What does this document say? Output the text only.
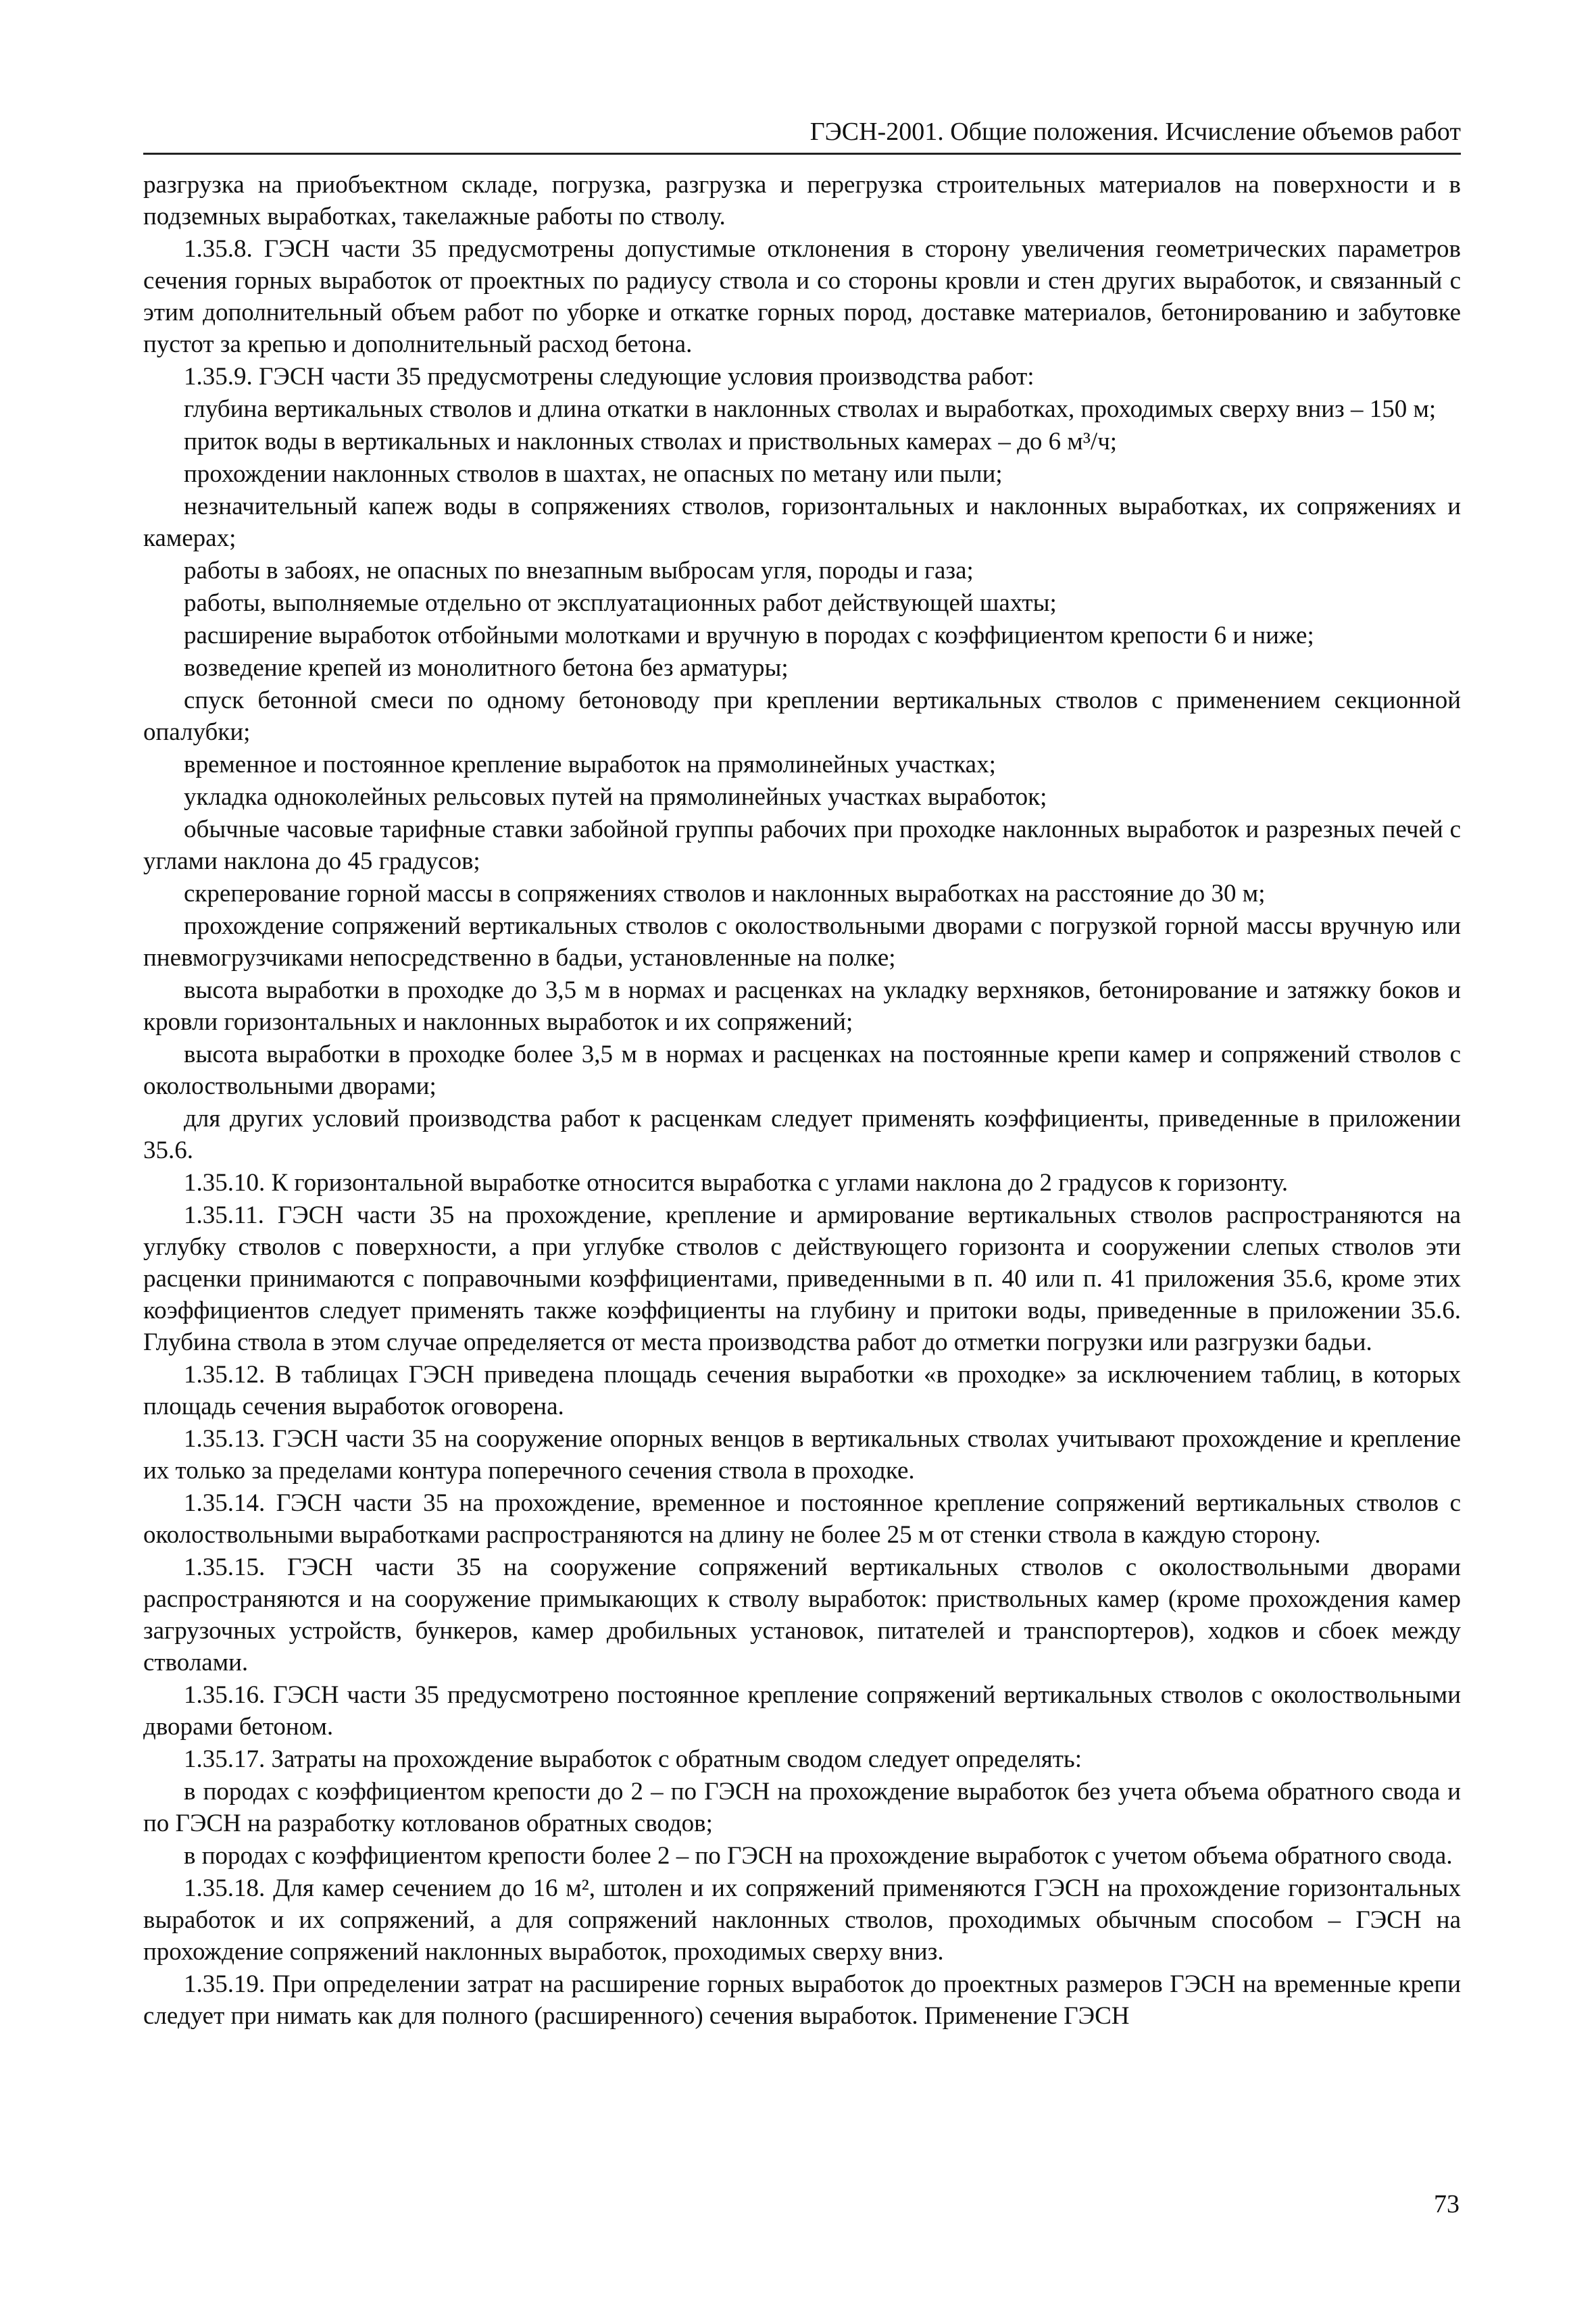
ГЭСН-2001. Общие положения. Исчисление объемов работ

разгрузка на приобъектном складе, погрузка, разгрузка и перегрузка строительных материалов на поверхности и в подземных выработках, такелажные работы по стволу.

1.35.8. ГЭСН части 35 предусмотрены допустимые отклонения в сторону увеличения геометрических параметров сечения горных выработок от проектных по радиусу ствола и со стороны кровли и стен других выработок, и связанный с этим дополнительный объем работ по уборке и откатке горных пород, доставке материалов, бетонированию и забутовке пустот за крепью и дополнительный расход бетона.

1.35.9. ГЭСН части 35 предусмотрены следующие условия производства работ:

глубина вертикальных стволов и длина откатки в наклонных стволах и выработках, проходимых сверху вниз – 150 м;

приток воды в вертикальных и наклонных стволах и приствольных камерах – до 6 м³/ч;

прохождении наклонных стволов в шахтах, не опасных по метану или пыли;

незначительный капеж воды в сопряжениях стволов, горизонтальных и наклонных выработках, их сопряжениях и камерах;

работы в забоях, не опасных по внезапным выбросам угля, породы и газа;

работы, выполняемые отдельно от эксплуатационных работ действующей шахты;

расширение выработок отбойными молотками и вручную в породах с коэффициентом крепости 6 и ниже;

возведение крепей из монолитного бетона без арматуры;

спуск бетонной смеси по одному бетоноводу при креплении вертикальных стволов с применением секционной опалубки;

временное и постоянное крепление выработок на прямолинейных участках;

укладка одноколейных рельсовых путей на прямолинейных участках выработок;

обычные часовые тарифные ставки забойной группы рабочих при проходке наклонных выработок и разрезных печей с углами наклона до 45 градусов;

скреперование горной массы в сопряжениях стволов и наклонных выработках на расстояние до 30 м;

прохождение сопряжений вертикальных стволов с околоствольными дворами с погрузкой горной массы вручную или пневмогрузчиками непосредственно в бадьи, установленные на полке;

высота выработки в проходке до 3,5 м в нормах и расценках на укладку верхняков, бетонирование и затяжку боков и кровли горизонтальных и наклонных выработок и их сопряжений;

высота выработки в проходке более 3,5 м в нормах и расценках на постоянные крепи камер и сопряжений стволов с околоствольными дворами;

для других условий производства работ к расценкам следует применять коэффициенты, приведенные в приложении 35.6.

1.35.10. К горизонтальной выработке относится выработка с углами наклона до 2 градусов к горизонту.

1.35.11. ГЭСН части 35 на прохождение, крепление и армирование вертикальных стволов распространяются на углубку стволов с поверхности, а при углубке стволов с действующего горизонта и сооружении слепых стволов эти расценки принимаются с поправочными коэффициентами, приведенными в п. 40 или п. 41 приложения 35.6, кроме этих коэффициентов следует применять также коэффициенты на глубину и притоки воды, приведенные в приложении 35.6. Глубина ствола в этом случае определяется от места производства работ до отметки погрузки или разгрузки бадьи.

1.35.12. В таблицах ГЭСН приведена площадь сечения выработки «в проходке» за исключением таблиц, в которых площадь сечения выработок оговорена.

1.35.13. ГЭСН части 35 на сооружение опорных венцов в вертикальных стволах учитывают прохождение и крепление их только за пределами контура поперечного сечения ствола в проходке.

1.35.14. ГЭСН части 35 на прохождение, временное и постоянное крепление сопряжений вертикальных стволов с околоствольными выработками распространяются на длину не более 25 м от стенки ствола в каждую сторону.

1.35.15. ГЭСН части 35 на сооружение сопряжений вертикальных стволов с околоствольными дворами распространяются и на сооружение примыкающих к стволу выработок: приствольных камер (кроме прохождения камер загрузочных устройств, бункеров, камер дробильных установок, питателей и транспортеров), ходков и сбоек между стволами.

1.35.16. ГЭСН части 35 предусмотрено постоянное крепление сопряжений вертикальных стволов с околоствольными дворами бетоном.

1.35.17. Затраты на прохождение выработок с обратным сводом следует определять:

в породах с коэффициентом крепости до 2 – по ГЭСН на прохождение выработок без учета объема обратного свода и по ГЭСН на разработку котлованов обратных сводов;

в породах с коэффициентом крепости более 2 – по ГЭСН на прохождение выработок с учетом объема обратного свода.

1.35.18. Для камер сечением до 16 м², штолен и их сопряжений применяются ГЭСН на прохождение горизонтальных выработок и их сопряжений, а для сопряжений наклонных стволов, проходимых обычным способом – ГЭСН на прохождение сопряжений наклонных выработок, проходимых сверху вниз.

1.35.19. При определении затрат на расширение горных выработок до проектных размеров ГЭСН на временные крепи следует при нимать как для полного (расширенного) сечения выработок. Применение ГЭСН

73
